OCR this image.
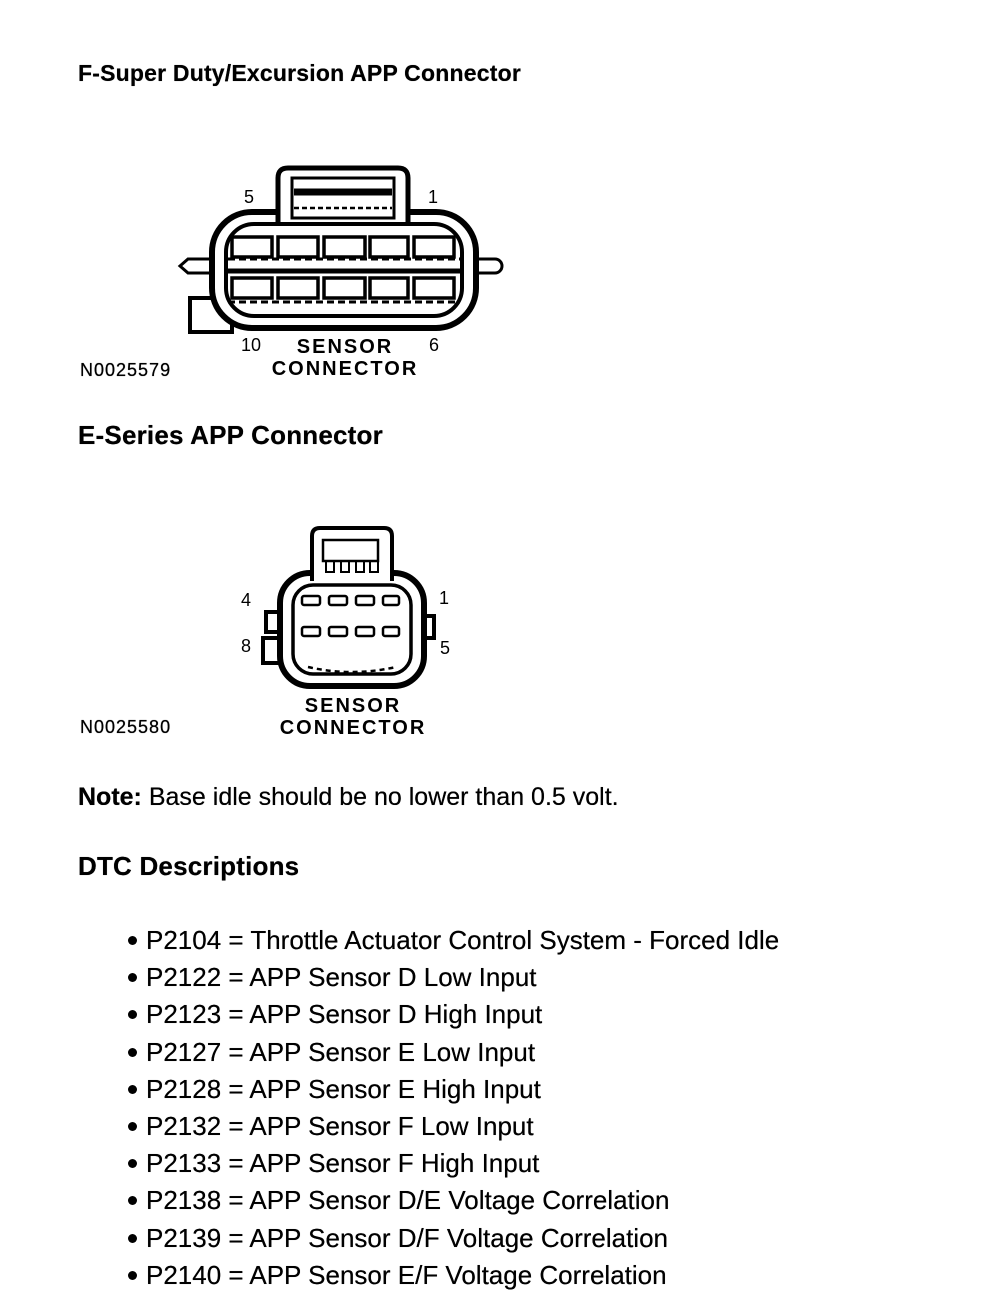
F-Super Duty/Excursion APP Connector
5	1
10	6
SENSOR
CONNECTOR
N0025579
E-Series APP Connector
4	1
8	5
SENSOR
CONNECTOR
N0025580
Note: Base idle should be no lower than 0.5 volt.
DTC Descriptions
P2104 = Throttle Actuator Control System - Forced Idle
P2122 = APP Sensor D Low Input
P2123 = APP Sensor D High Input
P2127 = APP Sensor E Low Input
P2128 = APP Sensor E High Input
P2132 = APP Sensor F Low Input
P2133 = APP Sensor F High Input
P2138 = APP Sensor D/E Voltage Correlation
P2139 = APP Sensor D/F Voltage Correlation
P2140 = APP Sensor E/F Voltage Correlation
